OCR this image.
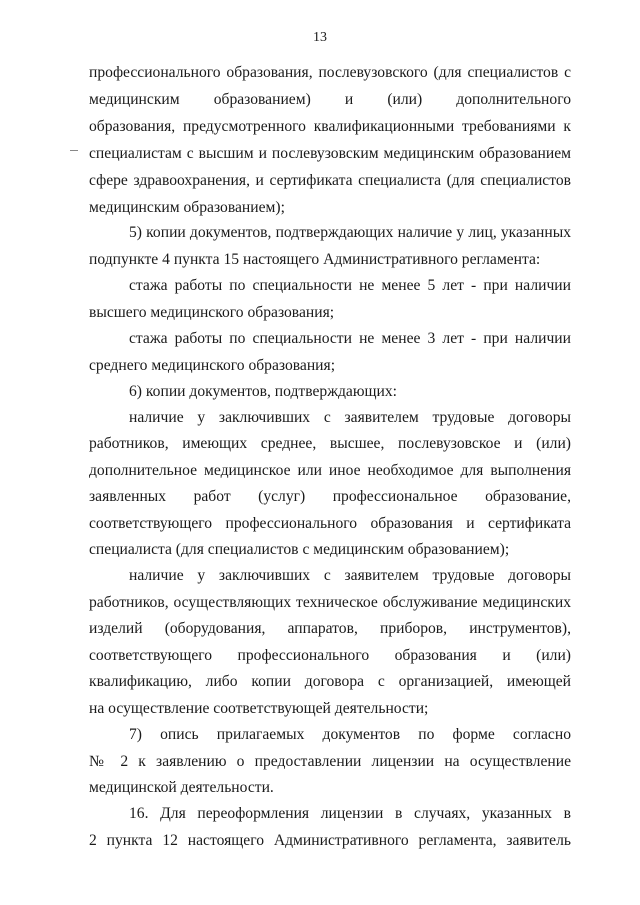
13
профессионального образования, послевузовского (для специалистов с
медицинским образованием) и (или) дополнительного
образования, предусмотренного квалификационными требованиями к
специалистам с высшим и послевузовским медицинским образованием
сфере здравоохранения, и сертификата специалиста (для специалистов
медицинским образованием);
5) копии документов, подтверждающих наличие у лиц, указанных
подпункте 4 пункта 15 настоящего Административного регламента:
стажа работы по специальности не менее 5 лет - при наличии
высшего медицинского образования;
стажа работы по специальности не менее 3 лет - при наличии
среднего медицинского образования;
6) копии документов, подтверждающих:
наличие у заключивших с заявителем трудовые договоры
работников, имеющих среднее, высшее, послевузовское и (или)
дополнительное медицинское или иное необходимое для выполнения
заявленных работ (услуг) профессиональное образование,
соответствующего профессионального образования и сертификата
специалиста (для специалистов с медицинским образованием);
наличие у заключивших с заявителем трудовые договоры
работников, осуществляющих техническое обслуживание медицинских
изделий (оборудования, аппаратов, приборов, инструментов),
соответствующего профессионального образования и (или)
квалификацию, либо копии договора с организацией, имеющей
на осуществление соответствующей деятельности;
7) опись прилагаемых документов по форме согласно
№ 2 к заявлению о предоставлении лицензии на осуществление
медицинской деятельности.
16. Для переоформления лицензии в случаях, указанных в
2 пункта 12 настоящего Административного регламента, заявитель
